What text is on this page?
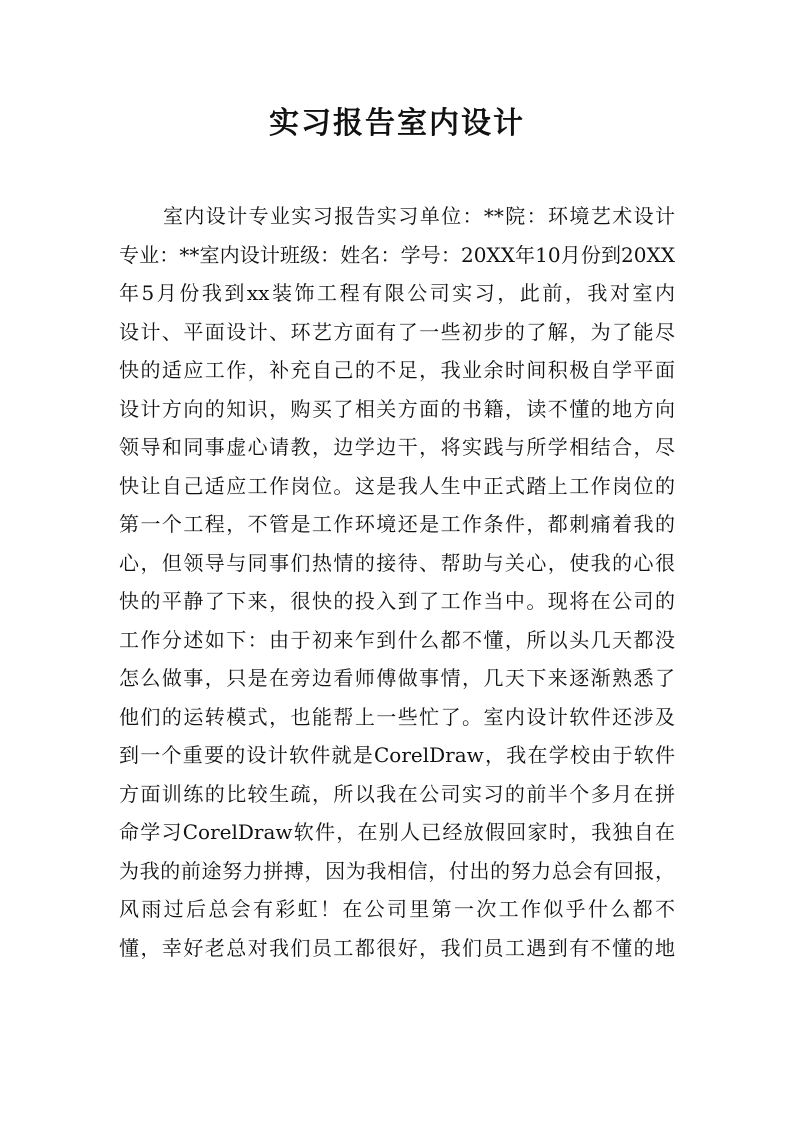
实习报告室内设计
室内设计专业实习报告实习单位：**院：环境艺术设计
专业：**室内设计班级：姓名：学号：20XX年10月份到20XX
年5月份我到xx装饰工程有限公司实习，此前，我对室内
设计、平面设计、环艺方面有了一些初步的了解，为了能尽
快的适应工作，补充自己的不足，我业余时间积极自学平面
设计方向的知识，购买了相关方面的书籍，读不懂的地方向
领导和同事虚心请教，边学边干，将实践与所学相结合，尽
快让自己适应工作岗位。这是我人生中正式踏上工作岗位的
第一个工程，不管是工作环境还是工作条件，都刺痛着我的
心，但领导与同事们热情的接待、帮助与关心，使我的心很
快的平静了下来，很快的投入到了工作当中。现将在公司的
工作分述如下：由于初来乍到什么都不懂，所以头几天都没
怎么做事，只是在旁边看师傅做事情，几天下来逐渐熟悉了
他们的运转模式，也能帮上一些忙了。室内设计软件还涉及
到一个重要的设计软件就是CorelDraw，我在学校由于软件
方面训练的比较生疏，所以我在公司实习的前半个多月在拼
命学习CorelDraw软件，在别人已经放假回家时，我独自在
为我的前途努力拼搏，因为我相信，付出的努力总会有回报，
风雨过后总会有彩虹！在公司里第一次工作似乎什么都不
懂，幸好老总对我们员工都很好，我们员工遇到有不懂的地
